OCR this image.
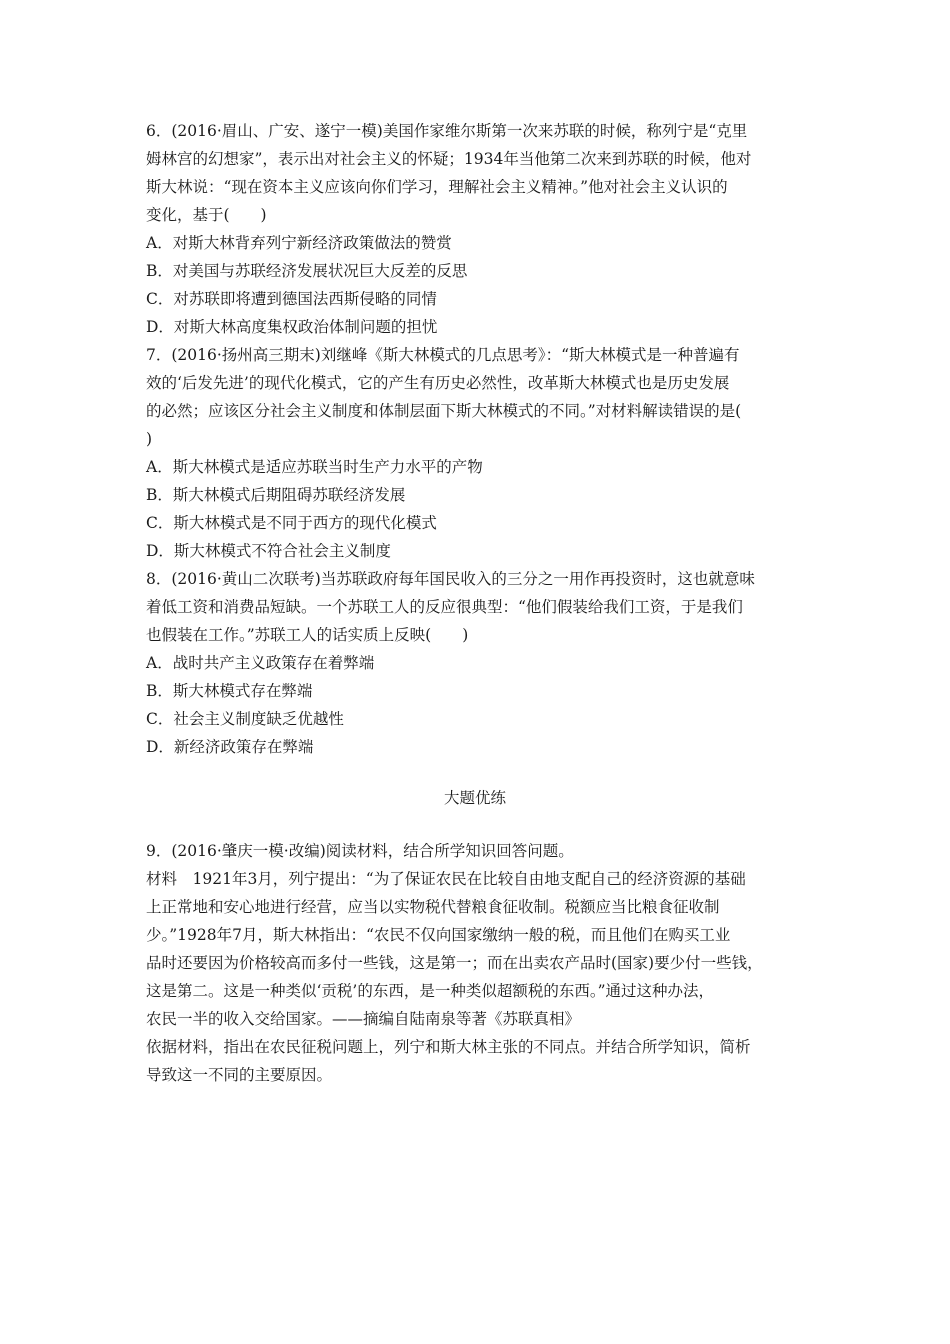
6．(2016·眉山、广安、遂宁一模)美国作家维尔斯第一次来苏联的时候，称列宁是“克里
姆林宫的幻想家”，表示出对社会主义的怀疑；1934年当他第二次来到苏联的时候，他对
斯大林说：“现在资本主义应该向你们学习，理解社会主义精神。”他对社会主义认识的
变化，基于(　　)
A．对斯大林背弃列宁新经济政策做法的赞赏
B．对美国与苏联经济发展状况巨大反差的反思
C．对苏联即将遭到德国法西斯侵略的同情
D．对斯大林高度集权政治体制问题的担忧
7．(2016·扬州高三期末)刘继峰《斯大林模式的几点思考》：“斯大林模式是一种普遍有
效的‘后发先进’的现代化模式，它的产生有历史必然性，改革斯大林模式也是历史发展
的必然；应该区分社会主义制度和体制层面下斯大林模式的不同。”对材料解读错误的是(
)
A．斯大林模式是适应苏联当时生产力水平的产物
B．斯大林模式后期阻碍苏联经济发展
C．斯大林模式是不同于西方的现代化模式
D．斯大林模式不符合社会主义制度
8．(2016·黄山二次联考)当苏联政府每年国民收入的三分之一用作再投资时，这也就意味
着低工资和消费品短缺。一个苏联工人的反应很典型：“他们假装给我们工资，于是我们
也假装在工作。”苏联工人的话实质上反映(　　)
A．战时共产主义政策存在着弊端
B．斯大林模式存在弊端
C．社会主义制度缺乏优越性
D．新经济政策存在弊端
大题优练
9．(2016·肇庆一模·改编)阅读材料，结合所学知识回答问题。
材料　1921年3月，列宁提出：“为了保证农民在比较自由地支配自己的经济资源的基础
上正常地和安心地进行经营，应当以实物税代替粮食征收制。税额应当比粮食征收制
少。”1928年7月，斯大林指出：“农民不仅向国家缴纳一般的税，而且他们在购买工业
品时还要因为价格较高而多付一些钱，这是第一；而在出卖农产品时(国家)要少付一些钱，
这是第二。这是一种类似‘贡税’的东西，是一种类似超额税的东西。”通过这种办法，
农民一半的收入交给国家。——摘编自陆南泉等著《苏联真相》
依据材料，指出在农民征税问题上，列宁和斯大林主张的不同点。并结合所学知识，简析
导致这一不同的主要原因。
